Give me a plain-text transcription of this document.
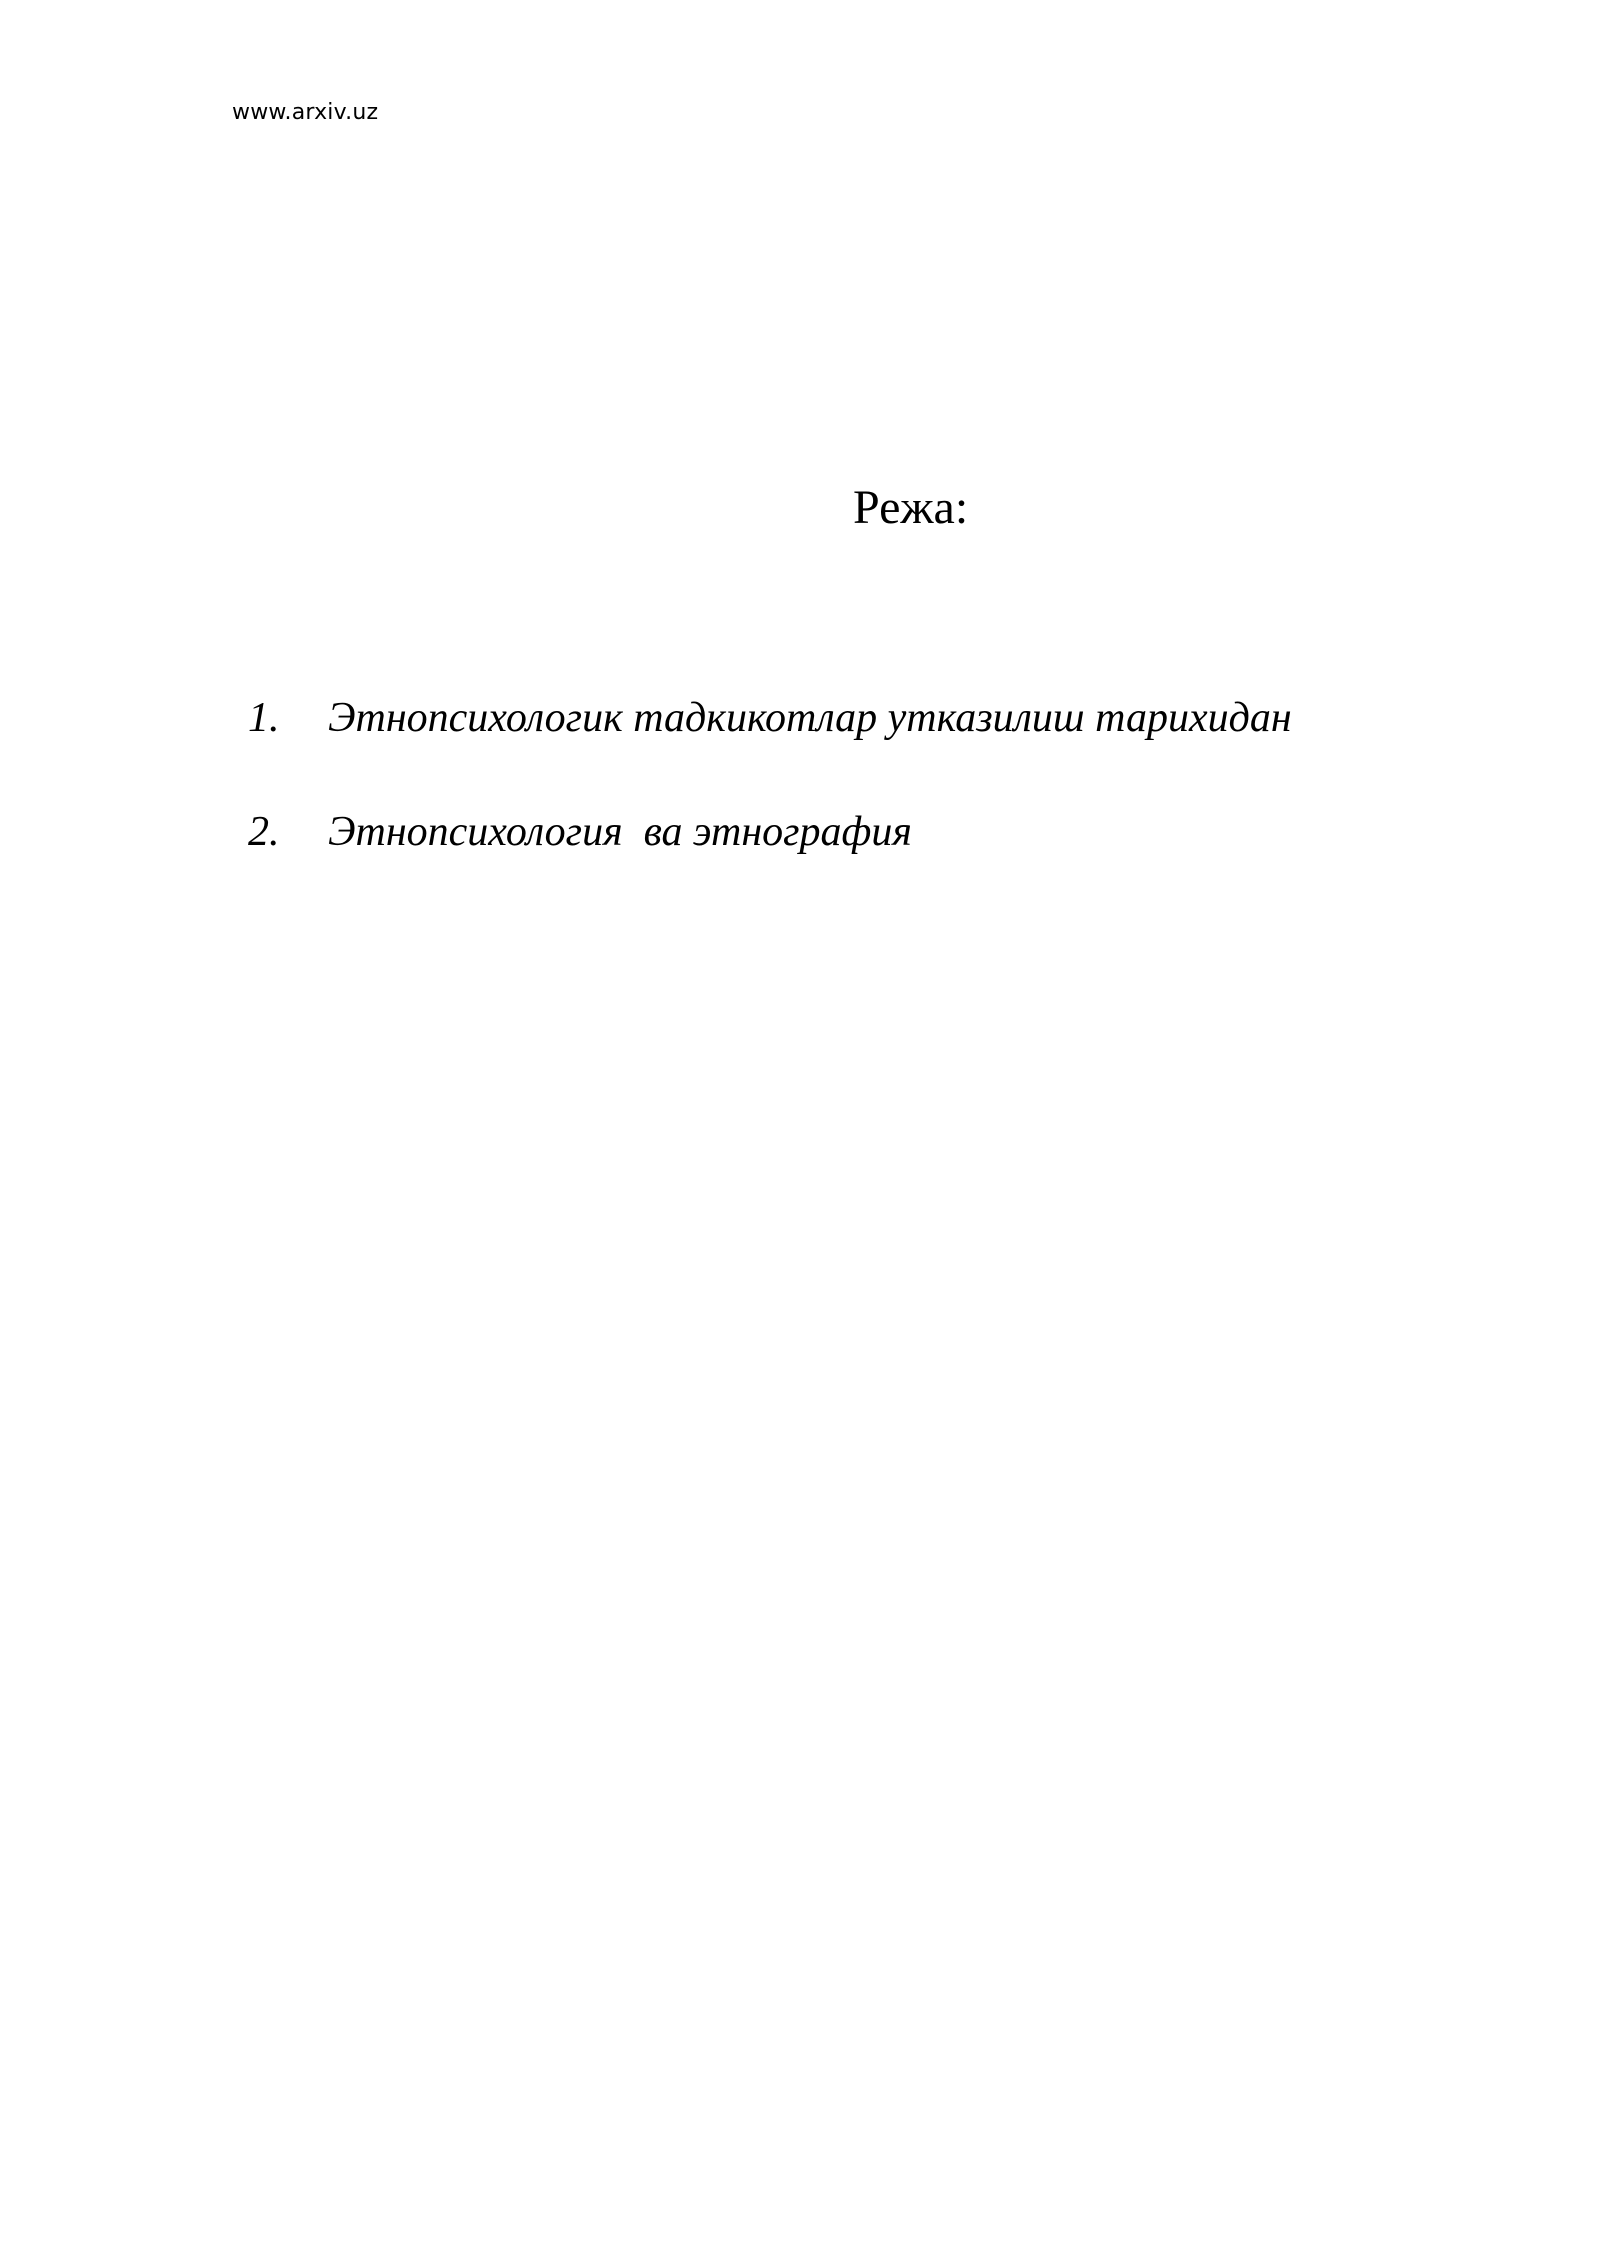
www.arxiv.uz
Режа:
1.	Этнопсихологик тадкикотлар утказилиш тарихидан
2.	Этнопсихология  ва этнография
